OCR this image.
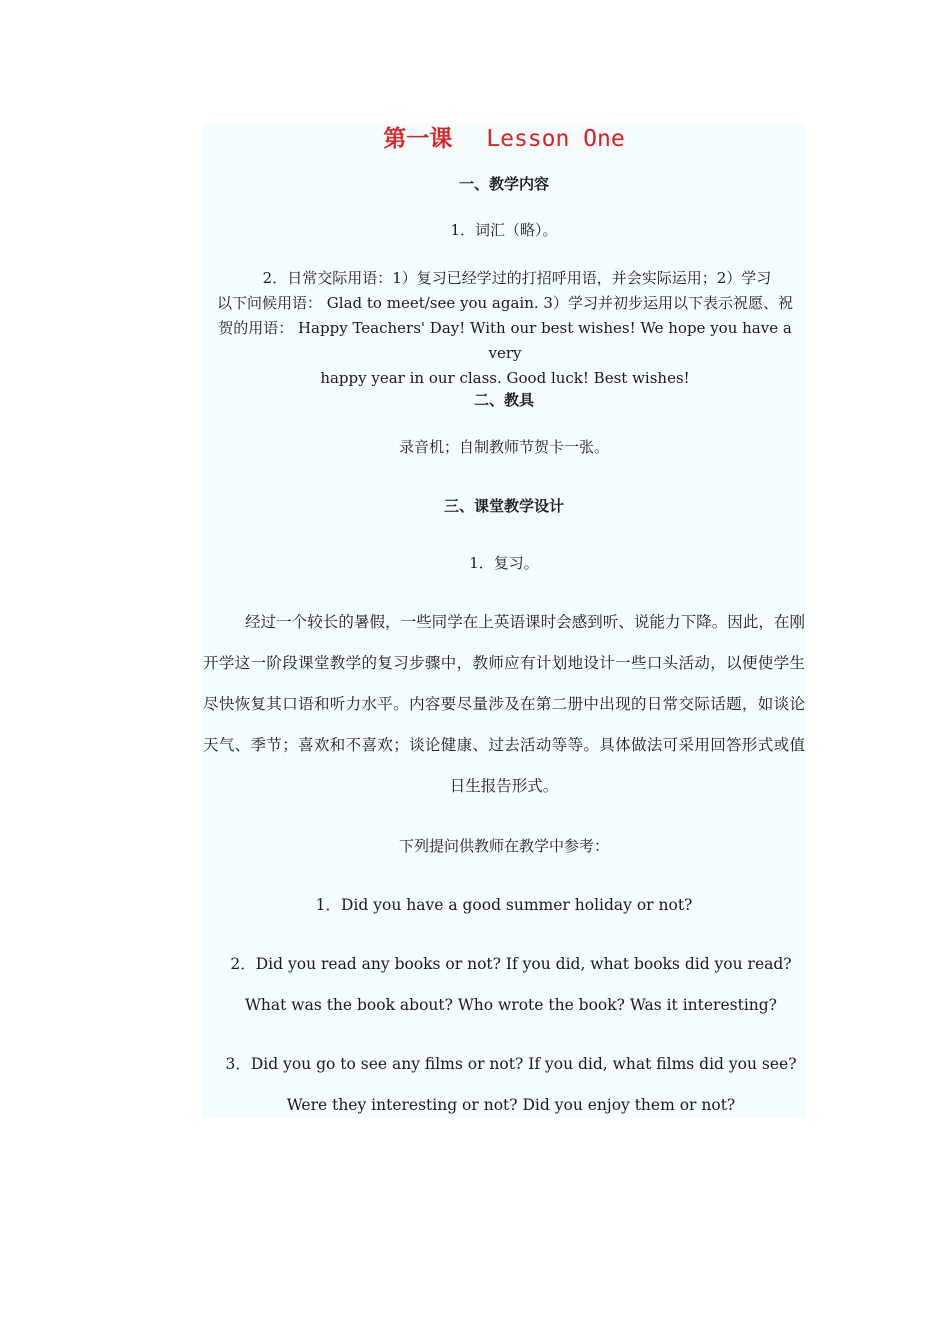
第一课 Lesson One
一、教学内容
1．词汇（略）。
2．日常交际用语：1）复习已经学过的打招呼用语，并会实际运用；2）学习
以下问候用语： Glad to meet/see you again. 3）学习并初步运用以下表示祝愿、祝
贺的用语： Happy Teachers' Day! With our best wishes! We hope you have a very
happy year in our class. Good luck! Best wishes!
二、教具
录音机；自制教师节贺卡一张。
三、课堂教学设计
1．复习。
经过一个较长的暑假，一些同学在上英语课时会感到听、说能力下降。因此，在刚开学这一阶段课堂教学的复习步骤中，教师应有计划地设计一些口头活动，以便使学生尽快恢复其口语和听力水平。内容要尽量涉及在第二册中出现的日常交际话题，如谈论天气、季节；喜欢和不喜欢；谈论健康、过去活动等等。具体做法可采用回答形式或值日生报告形式。
下列提问供教师在教学中参考：
1．Did you have a good summer holiday or not?
2．Did you read any books or not? If you did, what books did you read? What was the book about? Who wrote the book? Was it interesting?
3．Did you go to see any films or not? If you did, what films did you see? Were they interesting or not? Did you enjoy them or not?
